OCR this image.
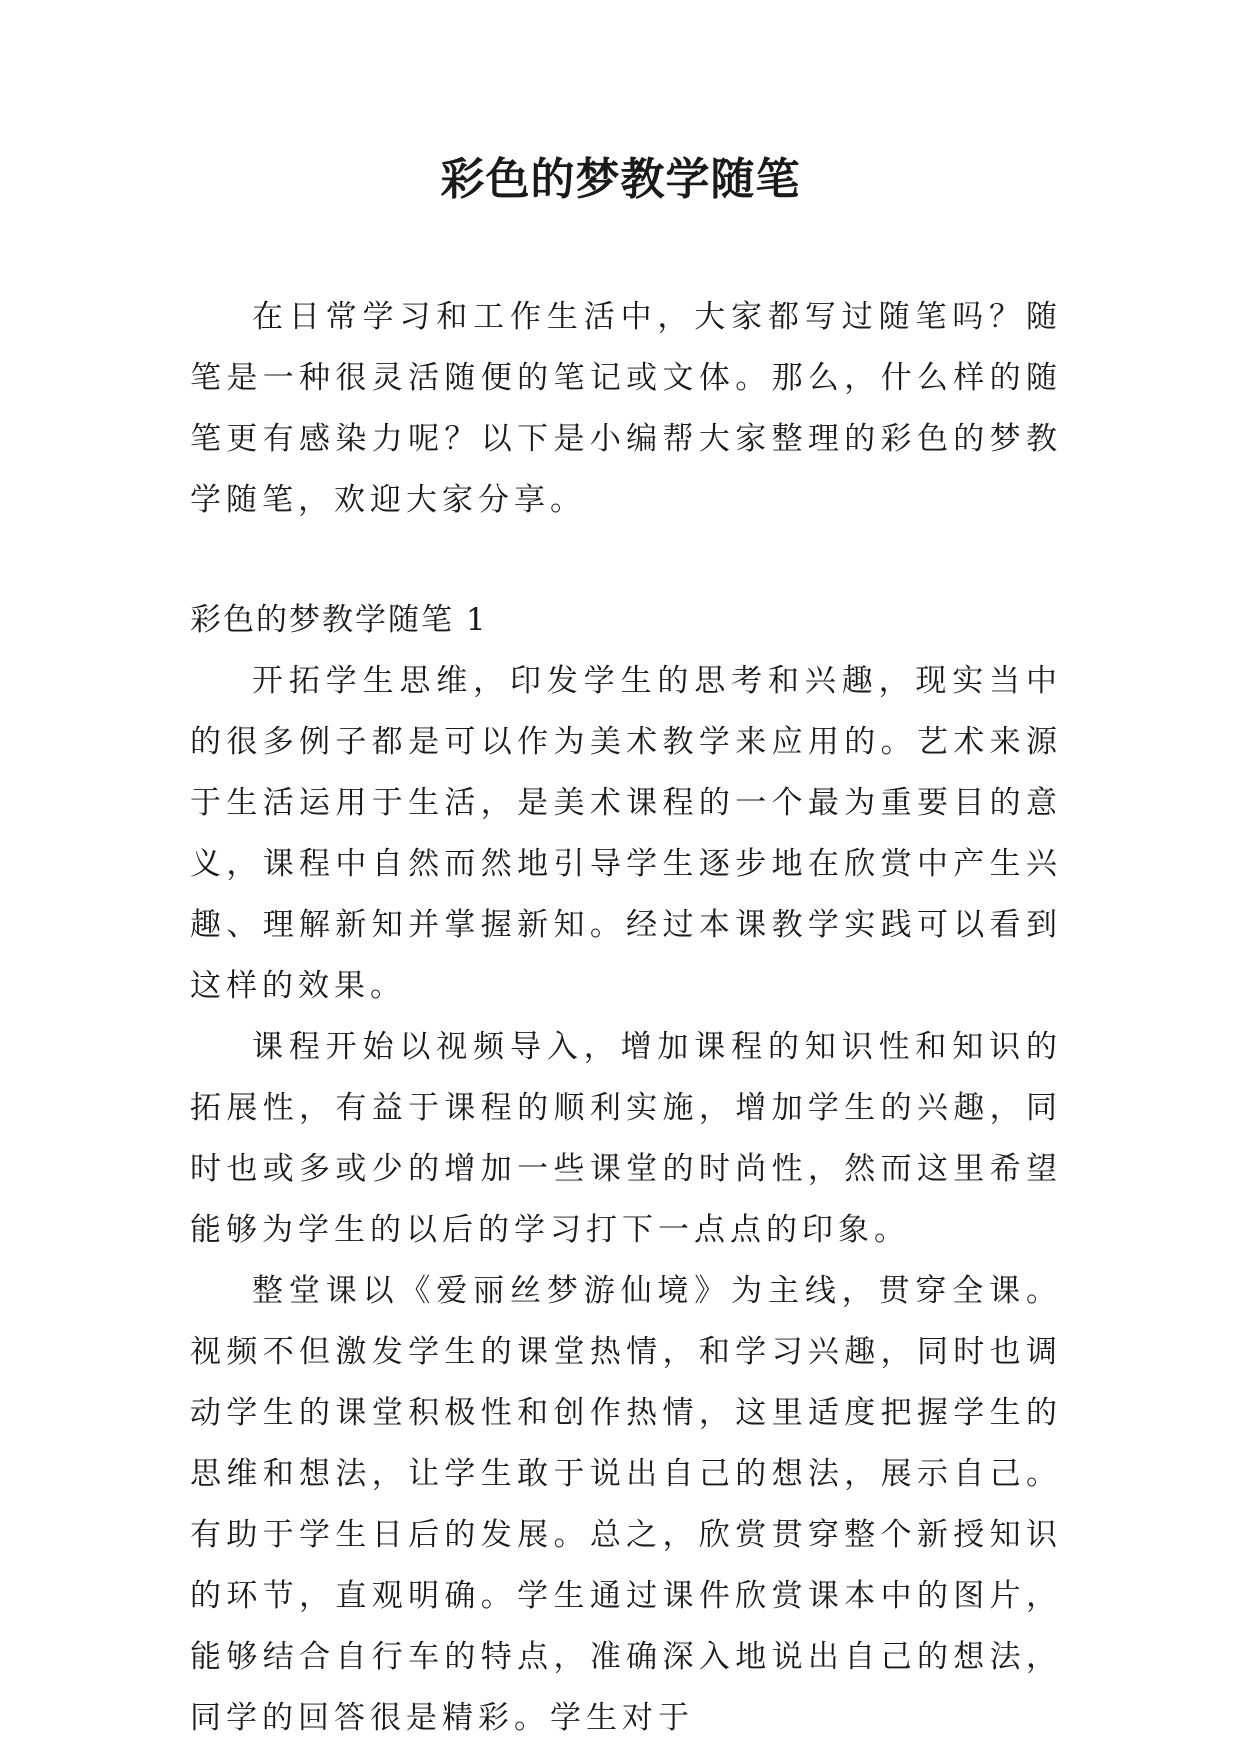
彩色的梦教学随笔

在日常学习和工作生活中，大家都写过随笔吗？随笔是一种很灵活随便的笔记或文体。那么，什么样的随笔更有感染力呢？以下是小编帮大家整理的彩色的梦教学随笔，欢迎大家分享。

彩色的梦教学随笔 1

开拓学生思维，印发学生的思考和兴趣，现实当中的很多例子都是可以作为美术教学来应用的。艺术来源于生活运用于生活，是美术课程的一个最为重要目的意义，课程中自然而然地引导学生逐步地在欣赏中产生兴趣、理解新知并掌握新知。经过本课教学实践可以看到这样的效果。

课程开始以视频导入，增加课程的知识性和知识的拓展性，有益于课程的顺利实施，增加学生的兴趣，同时也或多或少的增加一些课堂的时尚性，然而这里希望能够为学生的以后的学习打下一点点的印象。

整堂课以《爱丽丝梦游仙境》为主线，贯穿全课。视频不但激发学生的课堂热情，和学习兴趣，同时也调动学生的课堂积极性和创作热情，这里适度把握学生的思维和想法，让学生敢于说出自己的想法，展示自己。有助于学生日后的发展。总之，欣赏贯穿整个新授知识的环节，直观明确。学生通过课件欣赏课本中的图片，能够结合自行车的特点，准确深入地说出自己的想法，同学的回答很是精彩。学生对于
